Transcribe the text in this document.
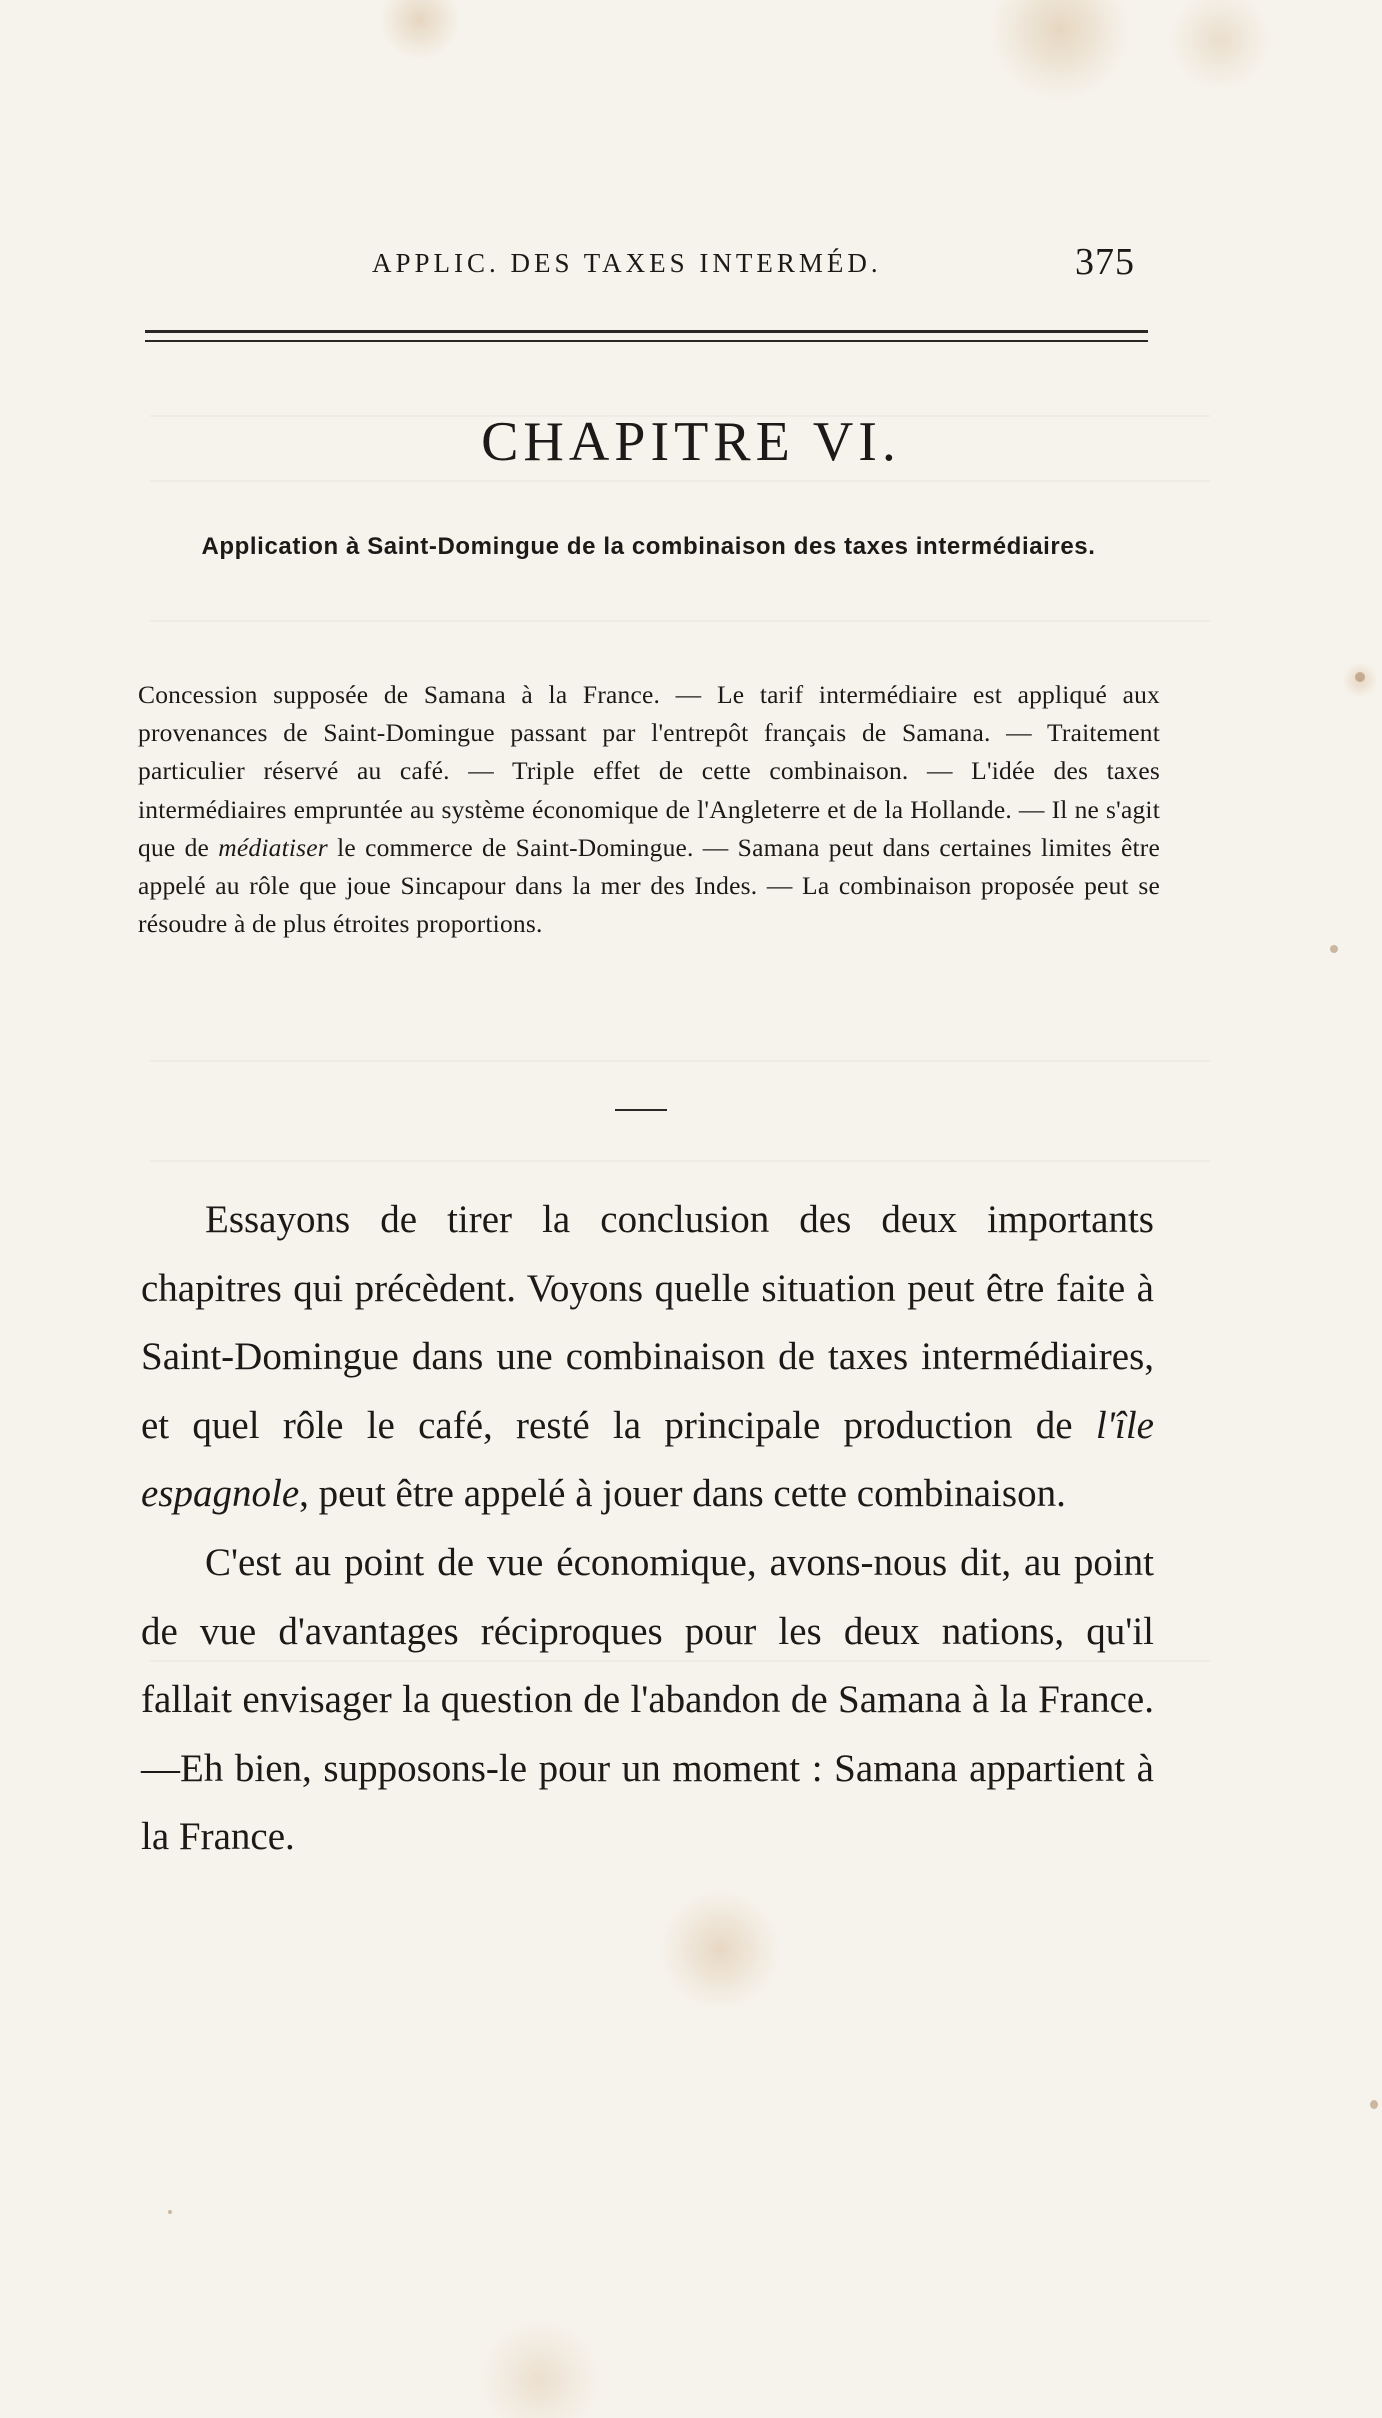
APPLIC. DES TAXES INTERMÉD.	375
CHAPITRE VI.
Application à Saint-Domingue de la combinaison des taxes intermédiaires.
Concession supposée de Samana à la France. — Le tarif intermédiaire est appliqué aux provenances de Saint-Domingue passant par l'entrepôt français de Samana. — Traitement particulier réservé au café. — Triple effet de cette combinaison. — L'idée des taxes intermédiaires empruntée au système économique de l'Angleterre et de la Hollande. — Il ne s'agit que de médiatiser le commerce de Saint-Domingue. — Samana peut dans certaines limites être appelé au rôle que joue Sincapour dans la mer des Indes. — La combinaison proposée peut se résoudre à de plus étroites proportions.

Essayons de tirer la conclusion des deux importants chapitres qui précèdent. Voyons quelle situation peut être faite à Saint-Domingue dans une combinaison de taxes intermédiaires, et quel rôle le café, resté la principale production de l'île espagnole, peut être appelé à jouer dans cette combinaison.

C'est au point de vue économique, avons-nous dit, au point de vue d'avantages réciproques pour les deux nations, qu'il fallait envisager la question de l'abandon de Samana à la France. —Eh bien, supposons-le pour un moment : Samana appartient à la France.
